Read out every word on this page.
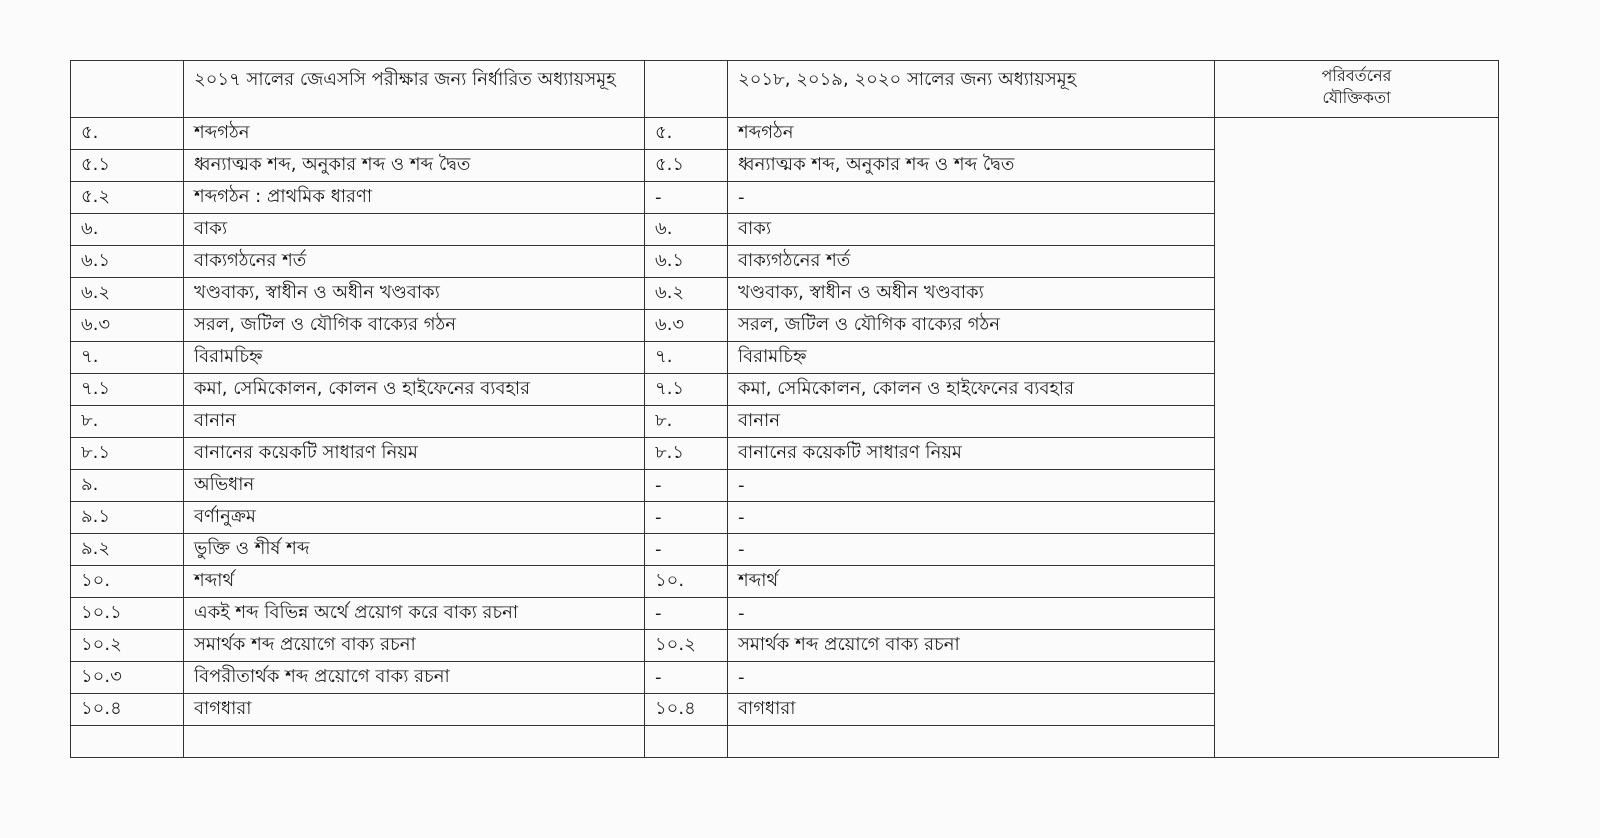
	২০১৭ সালের জেএসসি পরীক্ষার জন্য নির্ধারিত অধ্যায়সমূহ		২০১৮, ২০১৯, ২০২০ সালের জন্য অধ্যায়সমূহ	পরিবর্তনের
যৌক্তিকতা
৫.	শব্দগঠন	৫.	শব্দগঠন	
৫.১	ধ্বন্যাত্মক শব্দ, অনুকার শব্দ ও শব্দ দ্বৈত	৫.১	ধ্বন্যাত্মক শব্দ, অনুকার শব্দ ও শব্দ দ্বৈত	
৫.২	শব্দগঠন : প্রাথমিক ধারণা	-	-	
৬.	বাক্য	৬.	বাক্য	
৬.১	বাক্যগঠনের শর্ত	৬.১	বাক্যগঠনের শর্ত	
৬.২	খণ্ডবাক্য, স্বাধীন ও অধীন খণ্ডবাক্য	৬.২	খণ্ডবাক্য, স্বাধীন ও অধীন খণ্ডবাক্য	
৬.৩	সরল, জটিল ও যৌগিক বাক্যের গঠন	৬.৩	সরল, জটিল ও যৌগিক বাক্যের গঠন	
৭.	বিরামচিহ্ন	৭.	বিরামচিহ্ন	
৭.১	কমা, সেমিকোলন, কোলন ও হাইফেনের ব্যবহার	৭.১	কমা, সেমিকোলন, কোলন ও হাইফেনের ব্যবহার	
৮.	বানান	৮.	বানান	
৮.১	বানানের কয়েকটি সাধারণ নিয়ম	৮.১	বানানের কয়েকটি সাধারণ নিয়ম	
৯.	অভিধান	-	-	
৯.১	বর্ণানুক্রম	-	-	
৯.২	ভুক্তি ও শীর্ষ শব্দ	-	-	
১০.	শব্দার্থ	১০.	শব্দার্থ	
১০.১	একই শব্দ বিভিন্ন অর্থে প্রয়োগ করে বাক্য রচনা	-	-	
১০.২	সমার্থক শব্দ প্রয়োগে বাক্য রচনা	১০.২	সমার্থক শব্দ প্রয়োগে বাক্য রচনা	
১০.৩	বিপরীতার্থক শব্দ প্রয়োগে বাক্য রচনা	-	-	
১০.৪	বাগধারা	১০.৪	বাগধারা	
